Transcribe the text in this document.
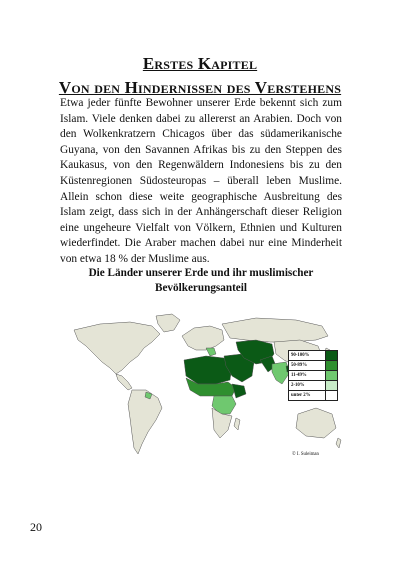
Erstes Kapitel
Von den Hindernissen des Verstehens

Etwa jeder fünfte Bewohner unserer Erde bekennt sich zum Islam. Viele denken dabei zu allererst an Arabien. Doch von den Wolkenkratzern Chicagos über das südamerikanische Guyana, von den Savannen Afrikas bis zu den Steppen des Kaukasus, von den Regenwäldern Indonesiens bis zu den Küstenregionen Südosteuropas – überall leben Muslime. Allein schon diese weite geographische Ausbreitung des Islam zeigt, dass sich in der Anhängerschaft dieser Religion eine ungeheure Vielfalt von Völkern, Ethnien und Kulturen wiederfindet. Die Araber machen dabei nur eine Minderheit von etwa 18 % der Muslime aus.

Die Länder unserer Erde und ihr muslimischer Bevölkerungsanteil
90-100%
50-89%
11-49%
2-10%
unter 2%
© I. Suleiman
20
